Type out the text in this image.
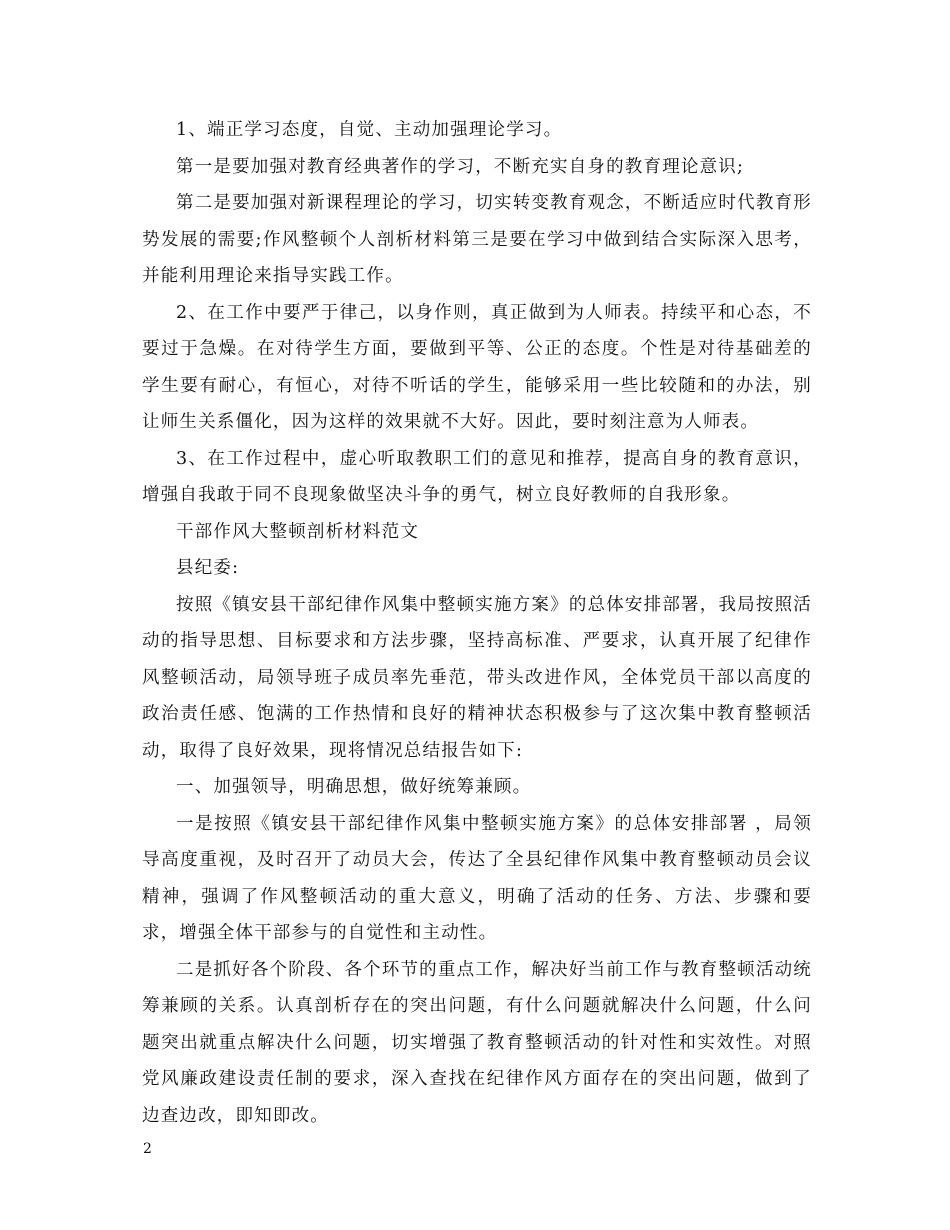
1、端正学习态度，自觉、主动加强理论学习。

第一是要加强对教育经典著作的学习，不断充实自身的教育理论意识;

第二是要加强对新课程理论的学习，切实转变教育观念，不断适应时代教育形势发展的需要;作风整顿个人剖析材料第三是要在学习中做到结合实际深入思考，并能利用理论来指导实践工作。

2、在工作中要严于律己，以身作则，真正做到为人师表。持续平和心态，不要过于急燥。在对待学生方面，要做到平等、公正的态度。个性是对待基础差的学生要有耐心，有恒心，对待不听话的学生，能够采用一些比较随和的办法，别让师生关系僵化，因为这样的效果就不大好。因此，要时刻注意为人师表。

3、在工作过程中，虚心听取教职工们的意见和推荐，提高自身的教育意识，增强自我敢于同不良现象做坚决斗争的勇气，树立良好教师的自我形象。

干部作风大整顿剖析材料范文

县纪委:

按照《镇安县干部纪律作风集中整顿实施方案》的总体安排部署，我局按照活动的指导思想、目标要求和方法步骤，坚持高标准、严要求，认真开展了纪律作风整顿活动，局领导班子成员率先垂范，带头改进作风，全体党员干部以高度的政治责任感、饱满的工作热情和良好的精神状态积极参与了这次集中教育整顿活动，取得了良好效果，现将情况总结报告如下:

一、加强领导，明确思想，做好统筹兼顾。

一是按照《镇安县干部纪律作风集中整顿实施方案》的总体安排部署 ，局领导高度重视，及时召开了动员大会，传达了全县纪律作风集中教育整顿动员会议精神，强调了作风整顿活动的重大意义，明确了活动的任务、方法、步骤和要求，增强全体干部参与的自觉性和主动性。

二是抓好各个阶段、各个环节的重点工作，解决好当前工作与教育整顿活动统筹兼顾的关系。认真剖析存在的突出问题，有什么问题就解决什么问题，什么问题突出就重点解决什么问题，切实增强了教育整顿活动的针对性和实效性。对照党风廉政建设责任制的要求，深入查找在纪律作风方面存在的突出问题，做到了边查边改，即知即改。

2
